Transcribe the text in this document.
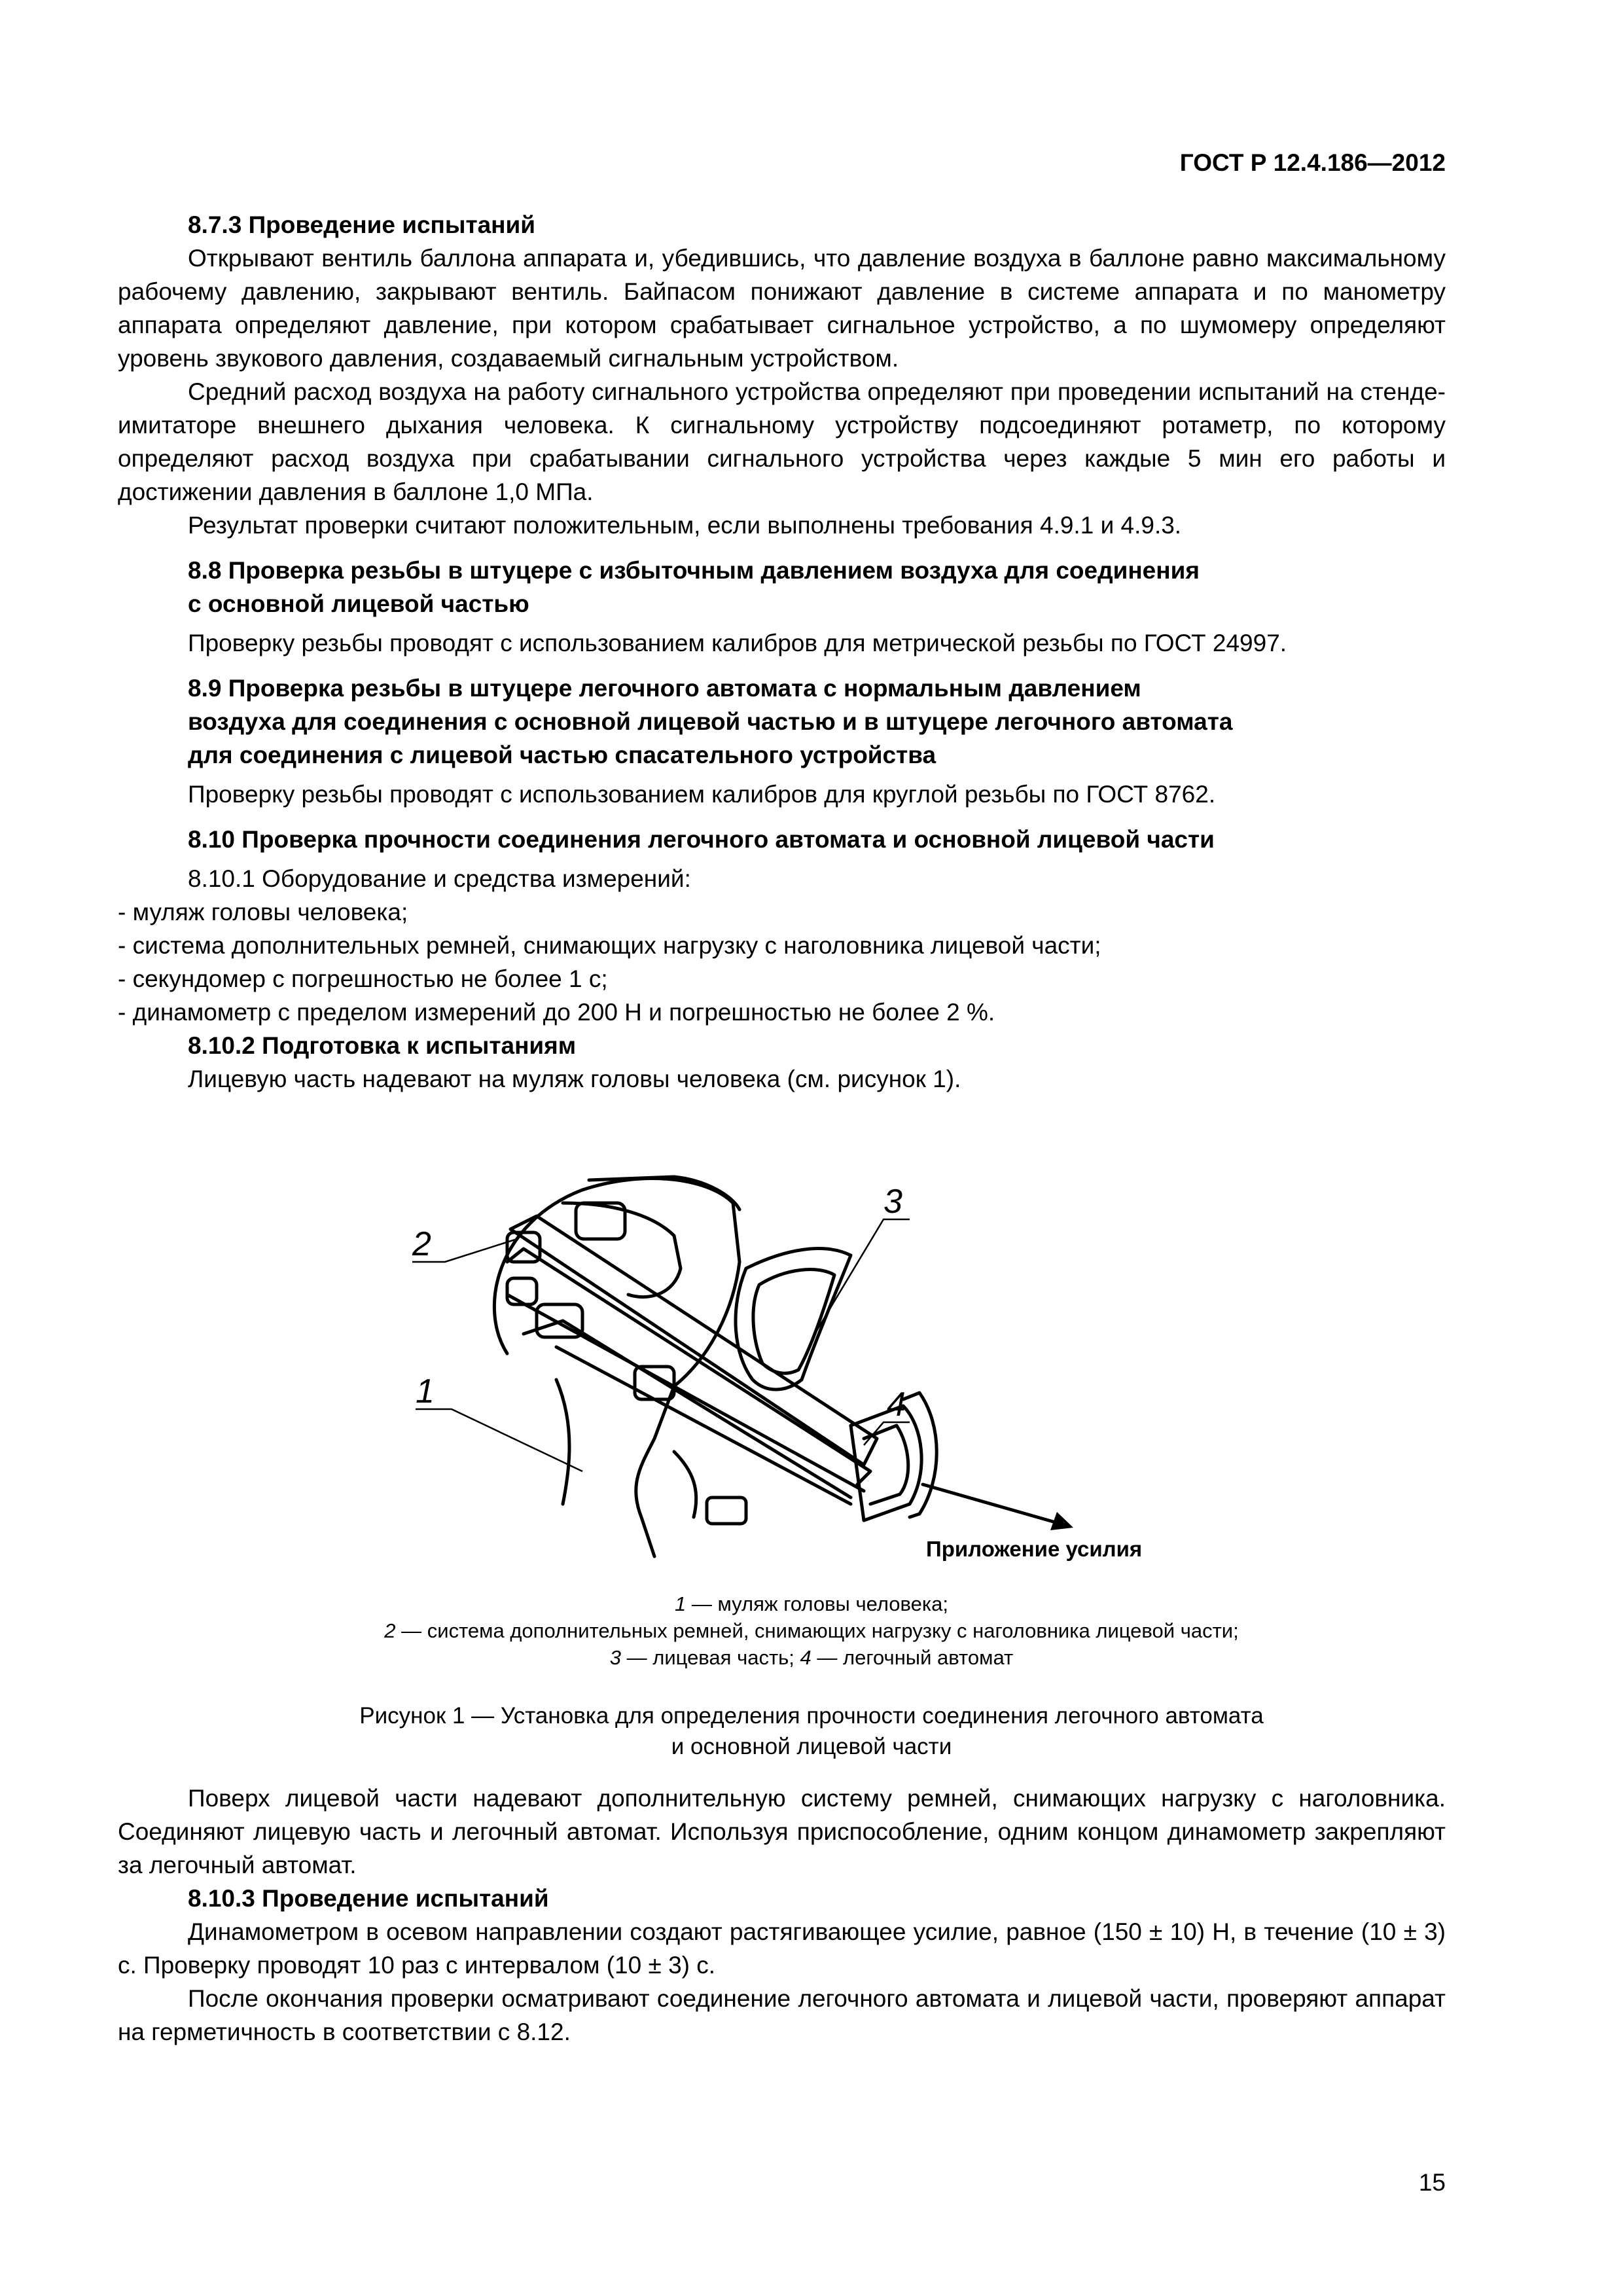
ГОСТ Р 12.4.186—2012

8.7.3 Проведение испытаний

Открывают вентиль баллона аппарата и, убедившись, что давление воздуха в баллоне равно максимальному рабочему давлению, закрывают вентиль. Байпасом понижают давление в системе аппарата и по манометру аппарата определяют давление, при котором срабатывает сигнальное устройство, а по шумомеру определяют уровень звукового давления, создаваемый сигнальным устройством.

Средний расход воздуха на работу сигнального устройства определяют при проведении испытаний на стенде-имитаторе внешнего дыхания человека. К сигнальному устройству подсоединяют ротаметр, по которому определяют расход воздуха при срабатывании сигнального устройства через каждые 5 мин его работы и достижении давления в баллоне 1,0 МПа.

Результат проверки считают положительным, если выполнены требования 4.9.1 и 4.9.3.

8.8 Проверка резьбы в штуцере с избыточным давлением воздуха для соединения
с основной лицевой частью

Проверку резьбы проводят с использованием калибров для метрической резьбы по ГОСТ 24997.

8.9 Проверка резьбы в штуцере легочного автомата с нормальным давлением
воздуха для соединения с основной лицевой частью и в штуцере легочного автомата
для соединения с лицевой частью спасательного устройства

Проверку резьбы проводят с использованием калибров для круглой резьбы по ГОСТ 8762.

8.10 Проверка прочности соединения легочного автомата и основной лицевой части

8.10.1 Оборудование и средства измерений:

- муляж головы человека;

- система дополнительных ремней, снимающих нагрузку с наголовника лицевой части;

- секундомер с погрешностью не более 1 с;

- динамометр с пределом измерений до 200 Н и погрешностью не более 2 %.

8.10.2 Подготовка к испытаниям

Лицевую часть надевают на муляж головы человека (см. рисунок 1).

1
2
3
4
Приложение усилия
1 — муляж головы человека;
2 — система дополнительных ремней, снимающих нагрузку с наголовника лицевой части;
3 — лицевая часть; 4 — легочный автомат
Рисунок 1 — Установка для определения прочности соединения легочного автомата
и основной лицевой части

Поверх лицевой части надевают дополнительную систему ремней, снимающих нагрузку с наголовника. Соединяют лицевую часть и легочный автомат. Используя приспособление, одним концом динамометр закрепляют за легочный автомат.

8.10.3 Проведение испытаний

Динамометром в осевом направлении создают растягивающее усилие, равное (150 ± 10) Н, в течение (10 ± 3) с. Проверку проводят 10 раз с интервалом (10 ± 3) с.

После окончания проверки осматривают соединение легочного автомата и лицевой части, проверяют аппарат на герметичность в соответствии с 8.12.

15
